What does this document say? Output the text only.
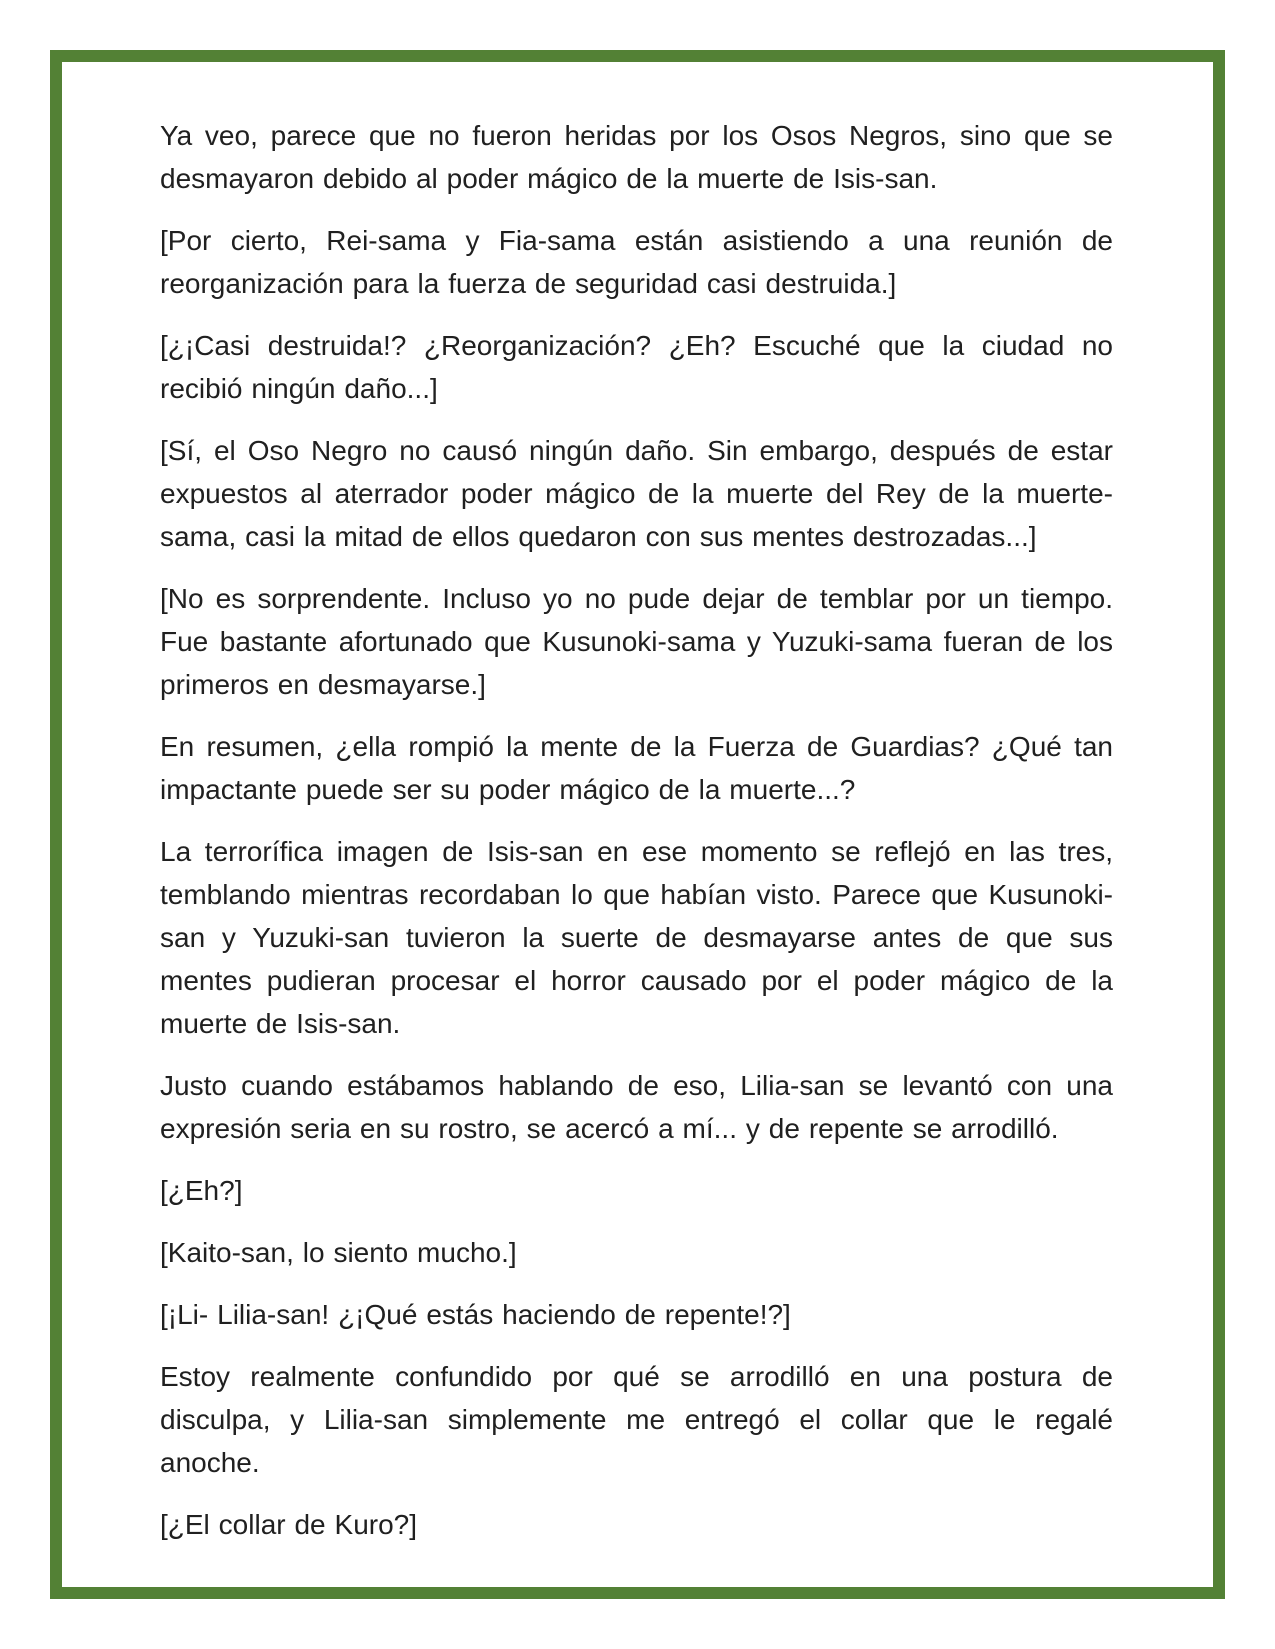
Ya veo, parece que no fueron heridas por los Osos Negros, sino que se desmayaron debido al poder mágico de la muerte de Isis-san.

[Por cierto, Rei-sama y Fia-sama están asistiendo a una reunión de reorganización para la fuerza de seguridad casi destruida.]

[¿¡Casi destruida!? ¿Reorganización? ¿Eh? Escuché que la ciudad no recibió ningún daño...]

[Sí, el Oso Negro no causó ningún daño. Sin embargo, después de estar expuestos al aterrador poder mágico de la muerte del Rey de la muerte-sama, casi la mitad de ellos quedaron con sus mentes destrozadas...]

[No es sorprendente. Incluso yo no pude dejar de temblar por un tiempo. Fue bastante afortunado que Kusunoki-sama y Yuzuki-sama fueran de los primeros en desmayarse.]

En resumen, ¿ella rompió la mente de la Fuerza de Guardias? ¿Qué tan impactante puede ser su poder mágico de la muerte...?

La terrorífica imagen de Isis-san en ese momento se reflejó en las tres, temblando mientras recordaban lo que habían visto. Parece que Kusunoki-san y Yuzuki-san tuvieron la suerte de desmayarse antes de que sus mentes pudieran procesar el horror causado por el poder mágico de la muerte de Isis-san.

Justo cuando estábamos hablando de eso, Lilia-san se levantó con una expresión seria en su rostro, se acercó a mí... y de repente se arrodilló.

[¿Eh?]

[Kaito-san, lo siento mucho.]

[¡Li- Lilia-san! ¿¡Qué estás haciendo de repente!?]

Estoy realmente confundido por qué se arrodilló en una postura de disculpa, y Lilia-san simplemente me entregó el collar que le regalé anoche.

[¿El collar de Kuro?]
